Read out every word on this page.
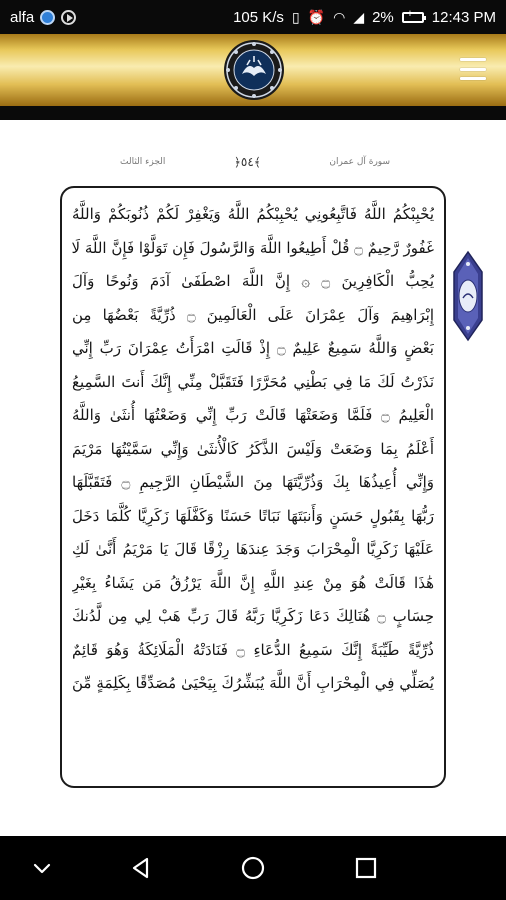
alfa	105 K/s ▯ ⏰ ◠ ◢ 2%
+	12:43 PM
الجزء الثالث	﴿٥٤﴾	سورة آل عمران
يُحْبِبْكُمُ اللَّهُ فَاتَّبِعُونِي يُحْبِبْكُمُ اللَّهُ وَيَغْفِرْ لَكُمْ ذُنُوبَكُمْ وَاللَّهُ
غَفُورٌ رَّحِيمٌ ۝ قُلْ أَطِيعُوا اللَّهَ وَالرَّسُولَ فَإِن تَوَلَّوْا فَإِنَّ اللَّهَ لَا
يُحِبُّ الْكَافِرِينَ ۝ ۞ إِنَّ اللَّهَ اصْطَفَىٰ آدَمَ وَنُوحًا وَآلَ
إِبْرَاهِيمَ وَآلَ عِمْرَانَ عَلَى الْعَالَمِينَ ۝ ذُرِّيَّةً بَعْضُهَا مِن
بَعْضٍ وَاللَّهُ سَمِيعٌ عَلِيمٌ ۝ إِذْ قَالَتِ امْرَأَتُ عِمْرَانَ رَبِّ إِنِّي
نَذَرْتُ لَكَ مَا فِي بَطْنِي مُحَرَّرًا فَتَقَبَّلْ مِنِّي إِنَّكَ أَنتَ السَّمِيعُ
الْعَلِيمُ ۝ فَلَمَّا وَضَعَتْهَا قَالَتْ رَبِّ إِنِّي وَضَعْتُهَا أُنثَىٰ وَاللَّهُ
أَعْلَمُ بِمَا وَضَعَتْ وَلَيْسَ الذَّكَرُ كَالْأُنثَىٰ وَإِنِّي سَمَّيْتُهَا مَرْيَمَ
وَإِنِّي أُعِيذُهَا بِكَ وَذُرِّيَّتَهَا مِنَ الشَّيْطَانِ الرَّجِيمِ ۝ فَتَقَبَّلَهَا
رَبُّهَا بِقَبُولٍ حَسَنٍ وَأَنبَتَهَا نَبَاتًا حَسَنًا وَكَفَّلَهَا زَكَرِيَّا كُلَّمَا دَخَلَ
عَلَيْهَا زَكَرِيَّا الْمِحْرَابَ وَجَدَ عِندَهَا رِزْقًا قَالَ يَا مَرْيَمُ أَنَّىٰ لَكِ
هَٰذَا قَالَتْ هُوَ مِنْ عِندِ اللَّهِ إِنَّ اللَّهَ يَرْزُقُ مَن يَشَاءُ بِغَيْرِ
حِسَابٍ ۝ هُنَالِكَ دَعَا زَكَرِيَّا رَبَّهُ قَالَ رَبِّ هَبْ لِي مِن لَّدُنكَ
ذُرِّيَّةً طَيِّبَةً إِنَّكَ سَمِيعُ الدُّعَاءِ ۝ فَنَادَتْهُ الْمَلَائِكَةُ وَهُوَ قَائِمٌ
يُصَلِّي فِي الْمِحْرَابِ أَنَّ اللَّهَ يُبَشِّرُكَ بِيَحْيَىٰ مُصَدِّقًا بِكَلِمَةٍ مِّنَ
